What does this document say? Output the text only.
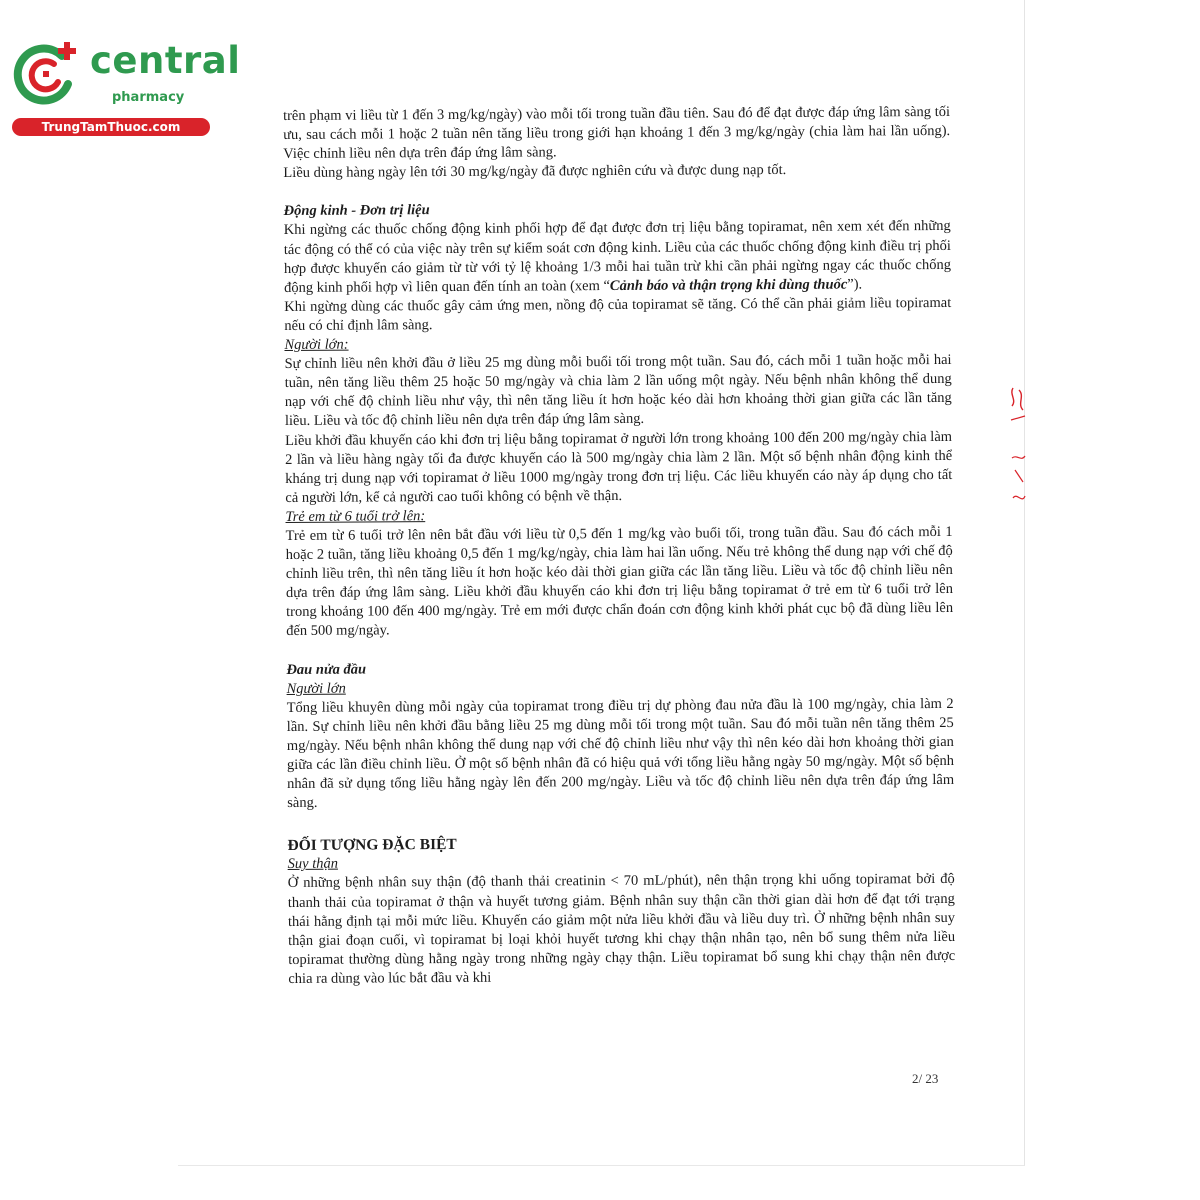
central
pharmacy
TrungTamThuoc.com

trên phạm vi liều từ 1 đến 3 mg/kg/ngày) vào mỗi tối trong tuần đầu tiên. Sau đó để đạt được đáp ứng lâm sàng tối ưu, sau cách mỗi 1 hoặc 2 tuần nên tăng liều trong giới hạn khoảng 1 đến 3 mg/kg/ngày (chia làm hai lần uống). Việc chỉnh liều nên dựa trên đáp ứng lâm sàng.

Liều dùng hàng ngày lên tới 30 mg/kg/ngày đã được nghiên cứu và được dung nạp tốt.

Động kinh - Đơn trị liệu

Khi ngừng các thuốc chống động kinh phối hợp để đạt được đơn trị liệu bằng topiramat, nên xem xét đến những tác động có thể có của việc này trên sự kiểm soát cơn động kinh. Liều của các thuốc chống động kinh điều trị phối hợp được khuyến cáo giảm từ từ với tỷ lệ khoảng 1/3 mỗi hai tuần trừ khi cần phải ngừng ngay các thuốc chống động kinh phối hợp vì liên quan đến tính an toàn (xem “Cảnh báo và thận trọng khi dùng thuốc”).

Khi ngừng dùng các thuốc gây cảm ứng men, nồng độ của topiramat sẽ tăng. Có thể cần phải giảm liều topiramat nếu có chỉ định lâm sàng.

Người lớn:

Sự chỉnh liều nên khởi đầu ở liều 25 mg dùng mỗi buổi tối trong một tuần. Sau đó, cách mỗi 1 tuần hoặc mỗi hai tuần, nên tăng liều thêm 25 hoặc 50 mg/ngày và chia làm 2 lần uống một ngày. Nếu bệnh nhân không thể dung nạp với chế độ chỉnh liều như vậy, thì nên tăng liều ít hơn hoặc kéo dài hơn khoảng thời gian giữa các lần tăng liều. Liều và tốc độ chỉnh liều nên dựa trên đáp ứng lâm sàng.

Liều khởi đầu khuyến cáo khi đơn trị liệu bằng topiramat ở người lớn trong khoảng 100 đến 200 mg/ngày chia làm 2 lần và liều hàng ngày tối đa được khuyến cáo là 500 mg/ngày chia làm 2 lần. Một số bệnh nhân động kinh thể kháng trị dung nạp với topiramat ở liều 1000 mg/ngày trong đơn trị liệu. Các liều khuyến cáo này áp dụng cho tất cả người lớn, kể cả người cao tuổi không có bệnh về thận.

Trẻ em từ 6 tuổi trở lên:

Trẻ em từ 6 tuổi trở lên nên bắt đầu với liều từ 0,5 đến 1 mg/kg vào buổi tối, trong tuần đầu. Sau đó cách mỗi 1 hoặc 2 tuần, tăng liều khoảng 0,5 đến 1 mg/kg/ngày, chia làm hai lần uống. Nếu trẻ không thể dung nạp với chế độ chỉnh liều trên, thì nên tăng liều ít hơn hoặc kéo dài thời gian giữa các lần tăng liều. Liều và tốc độ chỉnh liều nên dựa trên đáp ứng lâm sàng. Liều khởi đầu khuyến cáo khi đơn trị liệu bằng topiramat ở trẻ em từ 6 tuổi trở lên trong khoảng 100 đến 400 mg/ngày. Trẻ em mới được chẩn đoán cơn động kinh khởi phát cục bộ đã dùng liều lên đến 500 mg/ngày.

Đau nửa đầu

Người lớn

Tổng liều khuyên dùng mỗi ngày của topiramat trong điều trị dự phòng đau nửa đầu là 100 mg/ngày, chia làm 2 lần. Sự chỉnh liều nên khởi đầu bằng liều 25 mg dùng mỗi tối trong một tuần. Sau đó mỗi tuần nên tăng thêm 25 mg/ngày. Nếu bệnh nhân không thể dung nạp với chế độ chỉnh liều như vậy thì nên kéo dài hơn khoảng thời gian giữa các lần điều chỉnh liều. Ở một số bệnh nhân đã có hiệu quả với tổng liều hằng ngày 50 mg/ngày. Một số bệnh nhân đã sử dụng tổng liều hằng ngày lên đến 200 mg/ngày. Liều và tốc độ chỉnh liều nên dựa trên đáp ứng lâm sàng.

ĐỐI TƯỢNG ĐẶC BIỆT

Suy thận

Ở những bệnh nhân suy thận (độ thanh thải creatinin < 70 mL/phút), nên thận trọng khi uống topiramat bởi độ thanh thải của topiramat ở thận và huyết tương giảm. Bệnh nhân suy thận cần thời gian dài hơn để đạt tới trạng thái hằng định tại mỗi mức liều. Khuyến cáo giảm một nửa liều khởi đầu và liều duy trì. Ở những bệnh nhân suy thận giai đoạn cuối, vì topiramat bị loại khỏi huyết tương khi chạy thận nhân tạo, nên bổ sung thêm nửa liều topiramat thường dùng hằng ngày trong những ngày chạy thận. Liều topiramat bổ sung khi chạy thận nên được chia ra dùng vào lúc bắt đầu và khi

2/ 23
